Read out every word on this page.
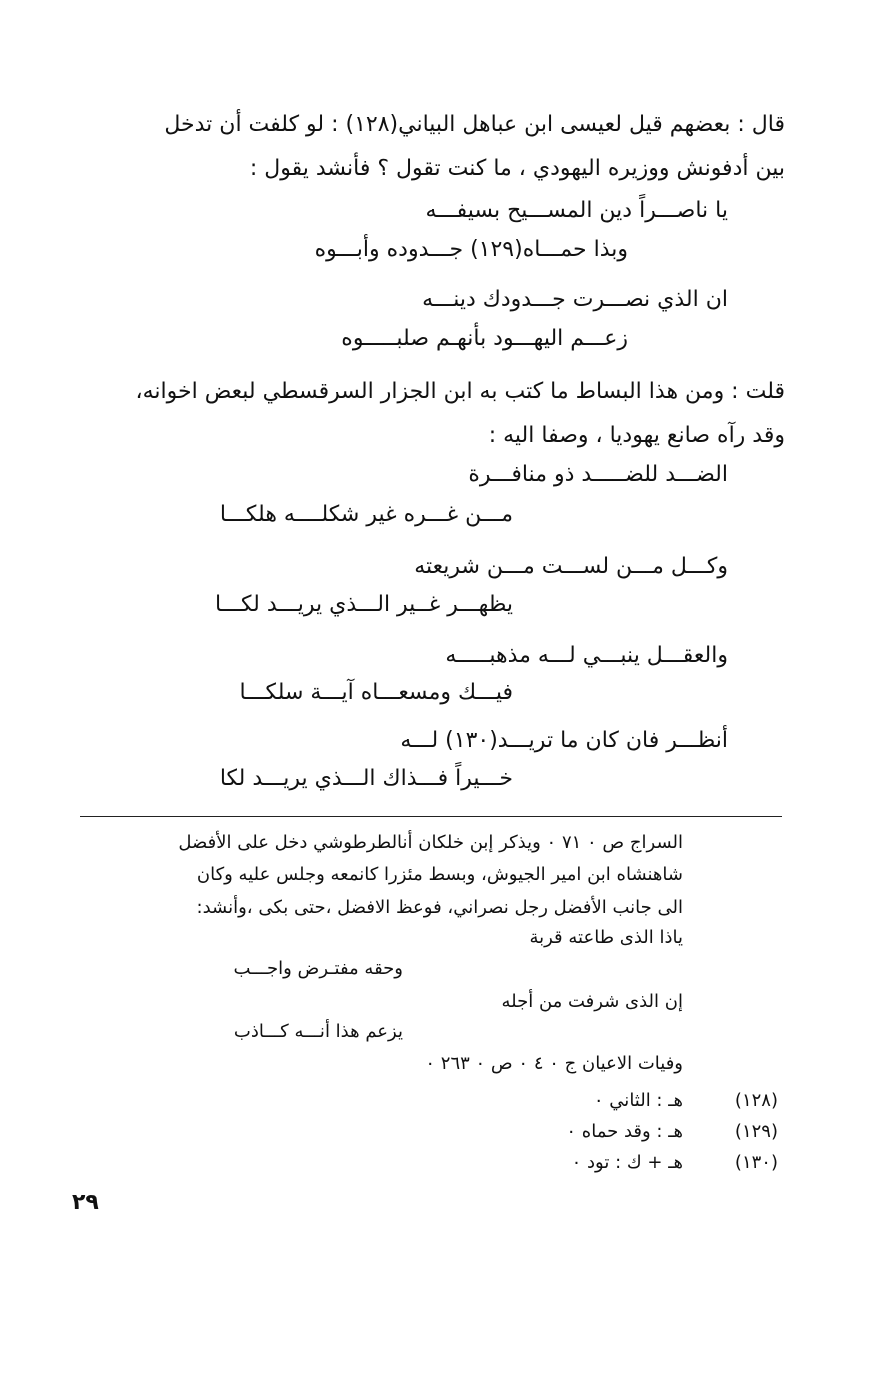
قال : بعضهم قيل لعيسى ابن عباهل البياني(١٢٨) : لو كلفت أن تدخل
بين أدفونش ووزيره اليهودي ، ما كنت تقول ؟ فأنشد يقول :
يا ناصـــراً دين المســـيح بسيفـــه
وبذا حمـــاه(١٢٩) جـــدوده وأبـــوه
ان الذي نصـــرت جـــدودك دينـــه
زعـــم اليهـــود بأنهـم صلبـــــوه
قلت : ومن هذا البساط ما كتب به ابن الجزار السرقسطي لبعض اخوانه،
وقد رآه صانع يهوديا ، وصفا اليه :
الضـــد للضـــــد ذو منافـــرة
مـــن غـــره غير شكلــــه هلكـــا
وكـــل مـــن لســـت مـــن شريعته
يظهـــر غــير الـــذي يريـــد لكـــا
والعقـــل ينبـــي لـــه مذهبـــــه
فيـــك ومسعـــاه آيـــة سلكـــا
أنظـــر فان كان ما تريـــد(١٣٠) لـــه
خـــيراً فـــذاك الـــذي يريـــد لكا
السراج ص ٠ ٧١ ٠ ويذكر إبن خلكان أنالطرطوشي دخل على الأفضل
شاهنشاه ابن امير الجيوش، وبسط مئزرا كانمعه وجلس عليه وكان
الى جانب الأفضل رجل نصراني، فوعظ الافضل ،حتى بكى ،وأنشد:
ياذا الذى طاعته قربة
وحقه مفتـرض واجـــب
إن الذى شرفت من أجله
يزعم هذا أنـــه كـــاذب
وفيات الاعيان ج ٠ ٤ ٠ ص ٠ ٢٦٣ ٠
(١٢٨)
هـ : الثاني ٠
(١٢٩)
هـ : وقد حماه ٠
(١٣٠)
هـ + ك : تود ٠
٢٩
